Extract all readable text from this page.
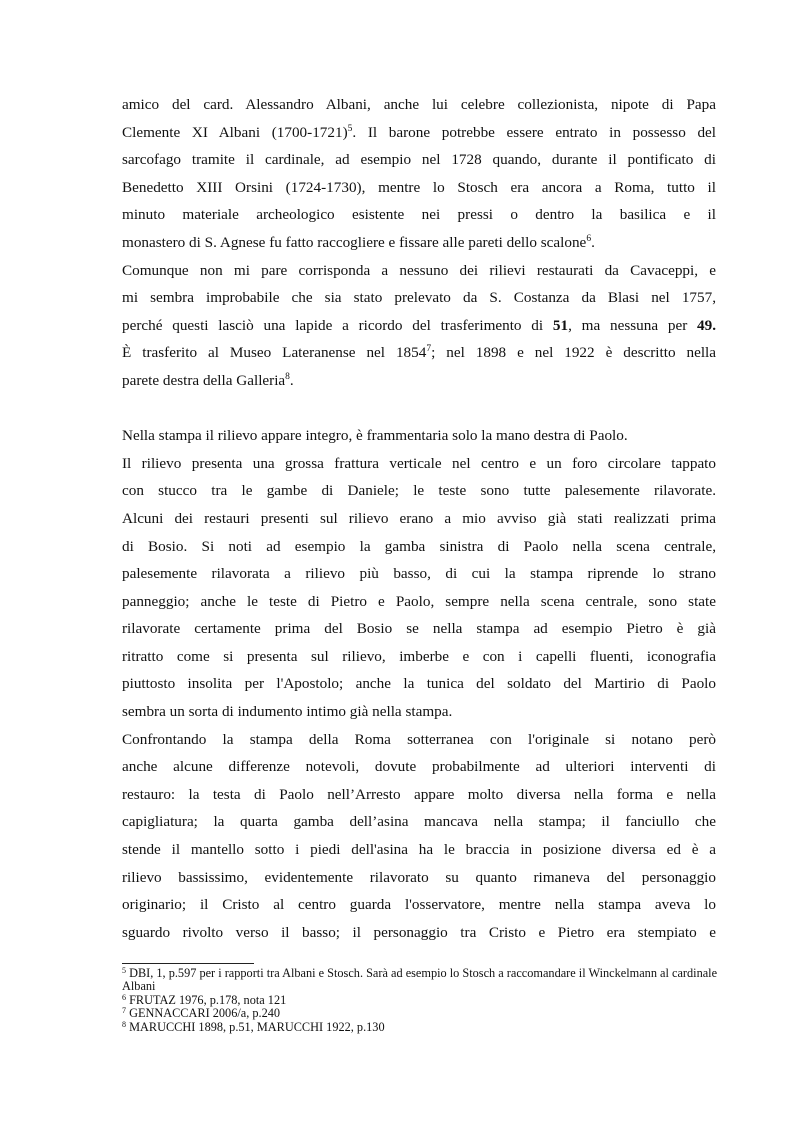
amico del card. Alessandro Albani, anche lui celebre collezionista, nipote di Papa
Clemente XI Albani (1700-1721)$^5$. Il barone potrebbe essere entrato in possesso del
sarcofago tramite il cardinale, ad esempio nel 1728 quando, durante il pontificato di
Benedetto XIII Orsini (1724-1730), mentre lo Stosch era ancora a Roma, tutto il
minuto materiale archeologico esistente nei pressi o dentro la basilica e il
monastero di S. Agnese fu fatto raccogliere e fissare alle pareti dello scalone$^6$.

Comunque non mi pare corrisponda a nessuno dei rilievi restaurati da Cavaceppi, e
mi sembra improbabile che sia stato prelevato da S. Costanza da Blasi nel 1757,
perché questi lasciò una lapide a ricordo del trasferimento di 51, ma nessuna per 49.
È trasferito al Museo Lateranense nel 1854$^7$; nel 1898 e nel 1922 è descritto nella
parete destra della Galleria$^8$.

Nella stampa il rilievo appare integro, è frammentaria solo la mano destra di Paolo.

Il rilievo presenta una grossa frattura verticale nel centro e un foro circolare tappato
con stucco tra le gambe di Daniele; le teste sono tutte palesemente rilavorate.
Alcuni dei restauri presenti sul rilievo erano a mio avviso già stati realizzati prima
di Bosio. Si noti ad esempio la gamba sinistra di Paolo nella scena centrale,
palesemente rilavorata a rilievo più basso, di cui la stampa riprende lo strano
panneggio; anche le teste di Pietro e Paolo, sempre nella scena centrale, sono state
rilavorate certamente prima del Bosio se nella stampa ad esempio Pietro è già
ritratto come si presenta sul rilievo, imberbe e con i capelli fluenti, iconografia
piuttosto insolita per l'Apostolo; anche la tunica del soldato del Martirio di Paolo
sembra un sorta di indumento intimo già nella stampa.

Confrontando la stampa della Roma sotterranea con l'originale si notano però
anche alcune differenze notevoli, dovute probabilmente ad ulteriori interventi di
restauro: la testa di Paolo nell’Arresto appare molto diversa nella forma e nella
capigliatura; la quarta gamba dell’asina mancava nella stampa; il fanciullo che
stende il mantello sotto i piedi dell'asina ha le braccia in posizione diversa ed è a
rilievo bassissimo, evidentemente rilavorato su quanto rimaneva del personaggio
originario; il Cristo al centro guarda l'osservatore, mentre nella stampa aveva lo
sguardo rivolto verso il basso; il personaggio tra Cristo e Pietro era stempiato e

$^5$ DBI, 1, p.597 per i rapporti tra Albani e Stosch. Sarà ad esempio lo Stosch a raccomandare il Winckelmann al cardinale Albani

$^6$ FRUTAZ 1976, p.178, nota 121

$^7$ GENNACCARI 2006/a, p.240

$^8$ MARUCCHI 1898, p.51, MARUCCHI 1922, p.130
